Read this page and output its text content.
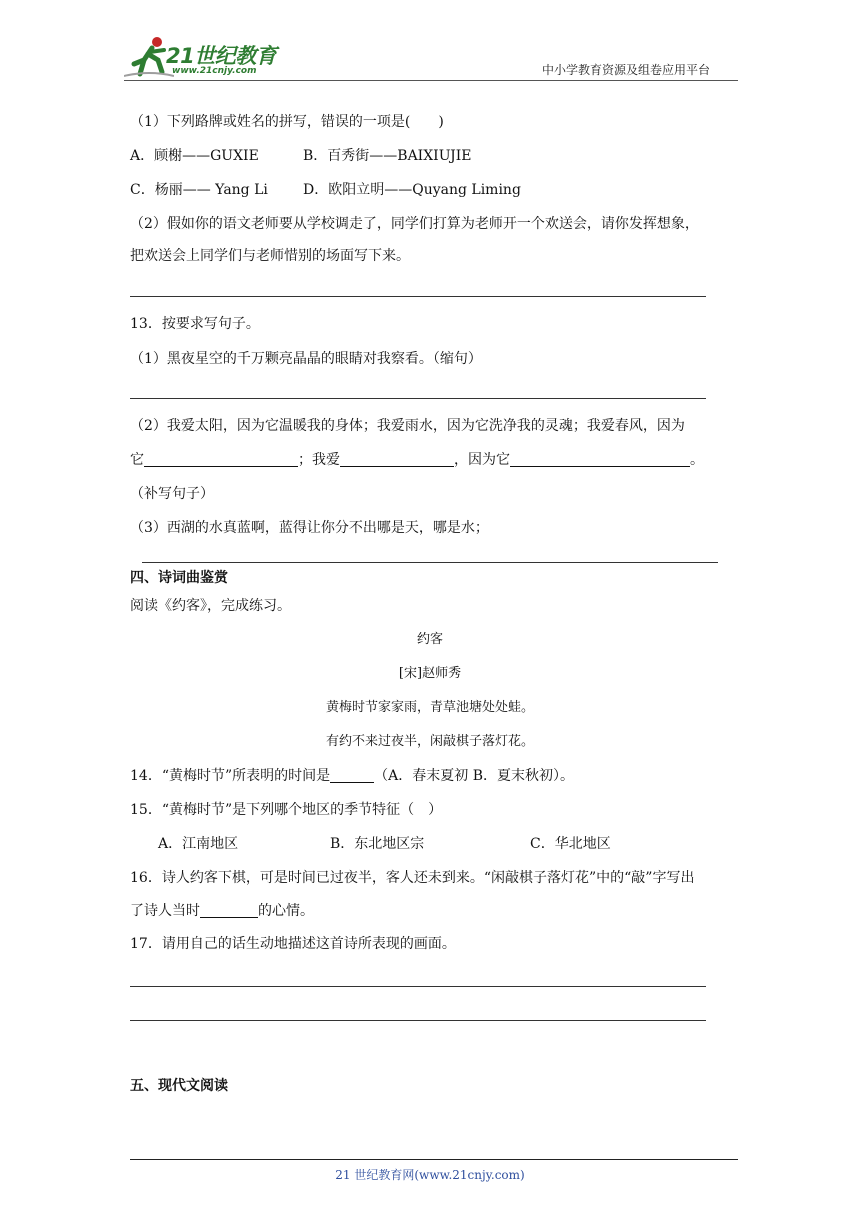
21世纪教育
www.21cnjy.com	中小学教育资源及组卷应用平台
（1）下列路牌或姓名的拼写，错误的一项是(　　)
A．顾榭——GUXIE	B．百秀街——BAIXIUJIE
C．杨丽—— Yang Li	D．欧阳立明——Quyang Liming
（2）假如你的语文老师要从学校调走了，同学们打算为老师开一个欢送会，请你发挥想象，
把欢送会上同学们与老师惜别的场面写下来。
13．按要求写句子。
（1）黑夜星空的千万颗亮晶晶的眼睛对我察看。（缩句）
（2）我爱太阳，因为它温暖我的身体；我爱雨水，因为它洗净我的灵魂；我爱春风，因为
它	；我爱	，因为它	。
（补写句子）
（3）西湖的水真蓝啊，蓝得让你分不出哪是天，哪是水；
四、诗词曲鉴赏
阅读《约客》，完成练习。
约客
[宋]赵师秀
黄梅时节家家雨，青草池塘处处蛙。
有约不来过夜半，闲敲棋子落灯花。
14．“黄梅时节”所表明的时间是	（A．春末夏初 B．夏末秋初）。
15．“黄梅时节”是下列哪个地区的季节特征（　）
A．江南地区	B．东北地区宗	C．华北地区
16．诗人约客下棋，可是时间已过夜半，客人还未到来。“闲敲棋子落灯花”中的“敲”字写出
了诗人当时	的心情。
17．请用自己的话生动地描述这首诗所表现的画面。
五、现代文阅读
21 世纪教育网(www.21cnjy.com)
